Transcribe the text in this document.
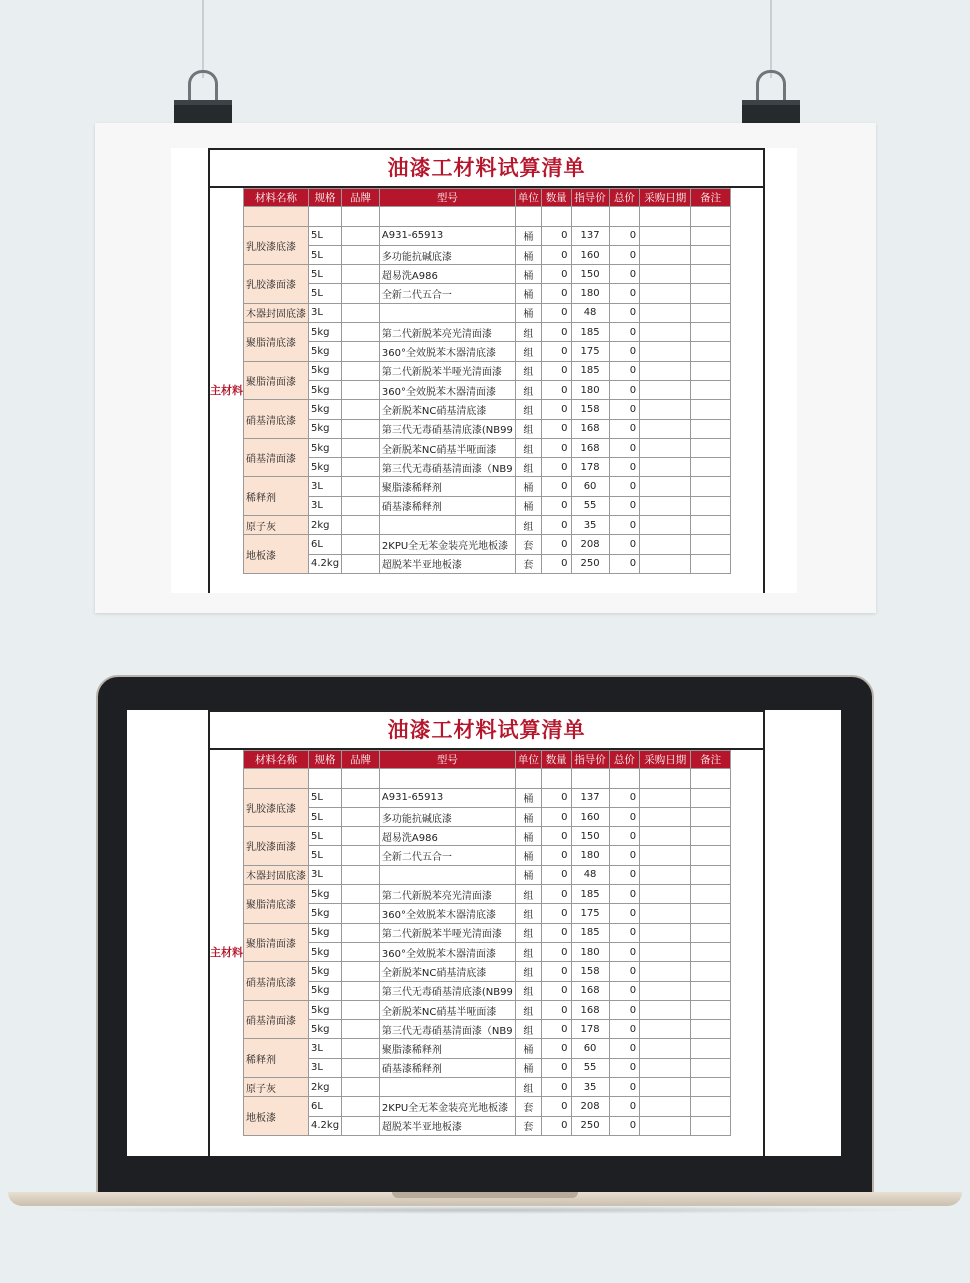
油漆工材料试算清单
	材料名称	规格	品牌	型号	单位	数量	指导价	总价	采购日期	备注
主材料										
	乳胶漆底漆	5L		A931-65913	桶	0	137	0		
		5L		多功能抗碱底漆	桶	0	160	0		
	乳胶漆面漆	5L		超易洗A986	桶	0	150	0		
		5L		全新二代五合一	桶	0	180	0		
	木器封固底漆	3L			桶	0	48	0		
	聚脂清底漆	5kg		第二代新脱苯亮光清面漆	组	0	185	0		
		5kg		360°全效脱苯木器清底漆	组	0	175	0		
	聚脂清面漆	5kg		第二代新脱苯半哑光清面漆	组	0	185	0		
		5kg		360°全效脱苯木器清面漆	组	0	180	0		
	硝基清底漆	5kg		全新脱苯NC硝基清底漆	组	0	158	0		
		5kg		第三代无毒硝基清底漆(NB99	组	0	168	0		
	硝基清面漆	5kg		全新脱苯NC硝基半哑面漆	组	0	168	0		
		5kg		第三代无毒硝基清面漆（NB9	组	0	178	0		
	稀释剂	3L		聚脂漆稀释剂	桶	0	60	0		
		3L		硝基漆稀释剂	桶	0	55	0		
	原子灰	2kg			组	0	35	0		
	地板漆	6L		2KPU全无苯金装亮光地板漆	套	0	208	0		
		4.2kg		超脱苯半亚地板漆	套	0	250	0		
油漆工材料试算清单
	材料名称	规格	品牌	型号	单位	数量	指导价	总价	采购日期	备注
主材料										
	乳胶漆底漆	5L		A931-65913	桶	0	137	0		
		5L		多功能抗碱底漆	桶	0	160	0		
	乳胶漆面漆	5L		超易洗A986	桶	0	150	0		
		5L		全新二代五合一	桶	0	180	0		
	木器封固底漆	3L			桶	0	48	0		
	聚脂清底漆	5kg		第二代新脱苯亮光清面漆	组	0	185	0		
		5kg		360°全效脱苯木器清底漆	组	0	175	0		
	聚脂清面漆	5kg		第二代新脱苯半哑光清面漆	组	0	185	0		
		5kg		360°全效脱苯木器清面漆	组	0	180	0		
	硝基清底漆	5kg		全新脱苯NC硝基清底漆	组	0	158	0		
		5kg		第三代无毒硝基清底漆(NB99	组	0	168	0		
	硝基清面漆	5kg		全新脱苯NC硝基半哑面漆	组	0	168	0		
		5kg		第三代无毒硝基清面漆（NB9	组	0	178	0		
	稀释剂	3L		聚脂漆稀释剂	桶	0	60	0		
		3L		硝基漆稀释剂	桶	0	55	0		
	原子灰	2kg			组	0	35	0		
	地板漆	6L		2KPU全无苯金装亮光地板漆	套	0	208	0		
		4.2kg		超脱苯半亚地板漆	套	0	250	0		
